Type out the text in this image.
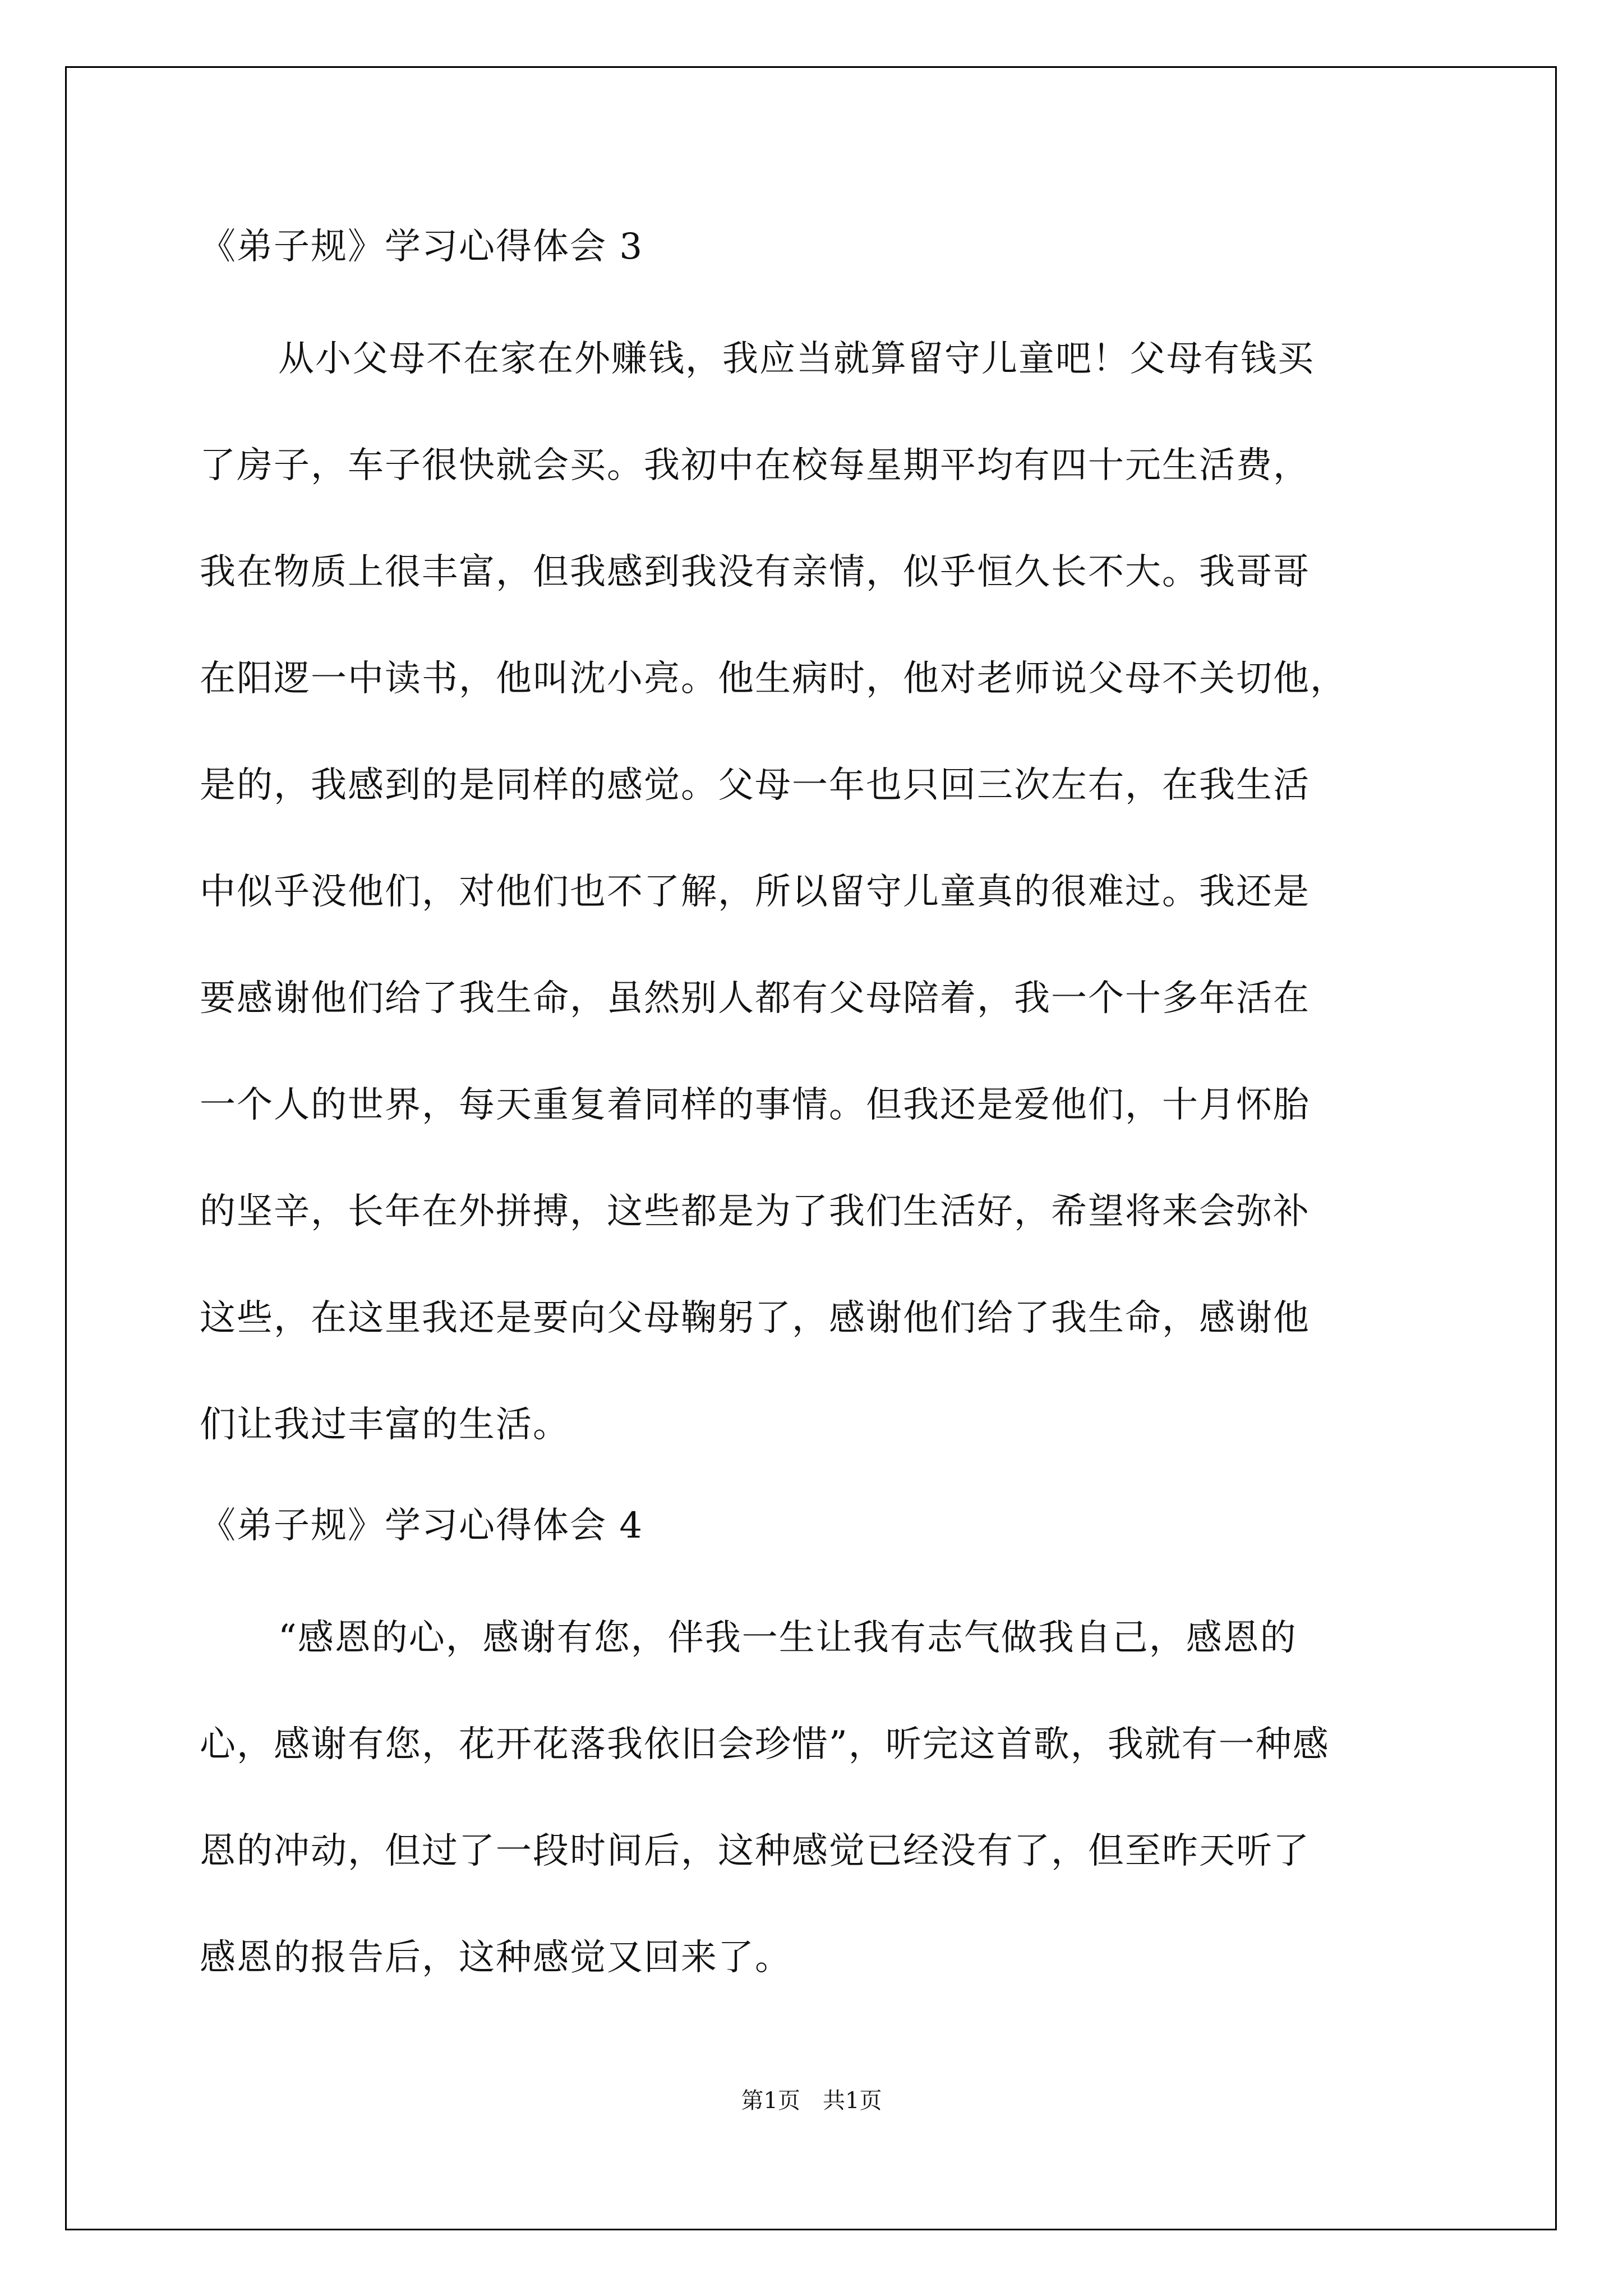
《弟子规》学习心得体会 3
从小父母不在家在外赚钱，我应当就算留守儿童吧！父母有钱买
了房子，车子很快就会买。我初中在校每星期平均有四十元生活费，
我在物质上很丰富，但我感到我没有亲情，似乎恒久长不大。我哥哥
在阳逻一中读书，他叫沈小亮。他生病时，他对老师说父母不关切他，
是的，我感到的是同样的感觉。父母一年也只回三次左右，在我生活
中似乎没他们，对他们也不了解，所以留守儿童真的很难过。我还是
要感谢他们给了我生命，虽然别人都有父母陪着，我一个十多年活在
一个人的世界，每天重复着同样的事情。但我还是爱他们，十月怀胎
的坚辛，长年在外拼搏，这些都是为了我们生活好，希望将来会弥补
这些，在这里我还是要向父母鞠躬了，感谢他们给了我生命，感谢他
们让我过丰富的生活。
《弟子规》学习心得体会 4
“感恩的心，感谢有您，伴我一生让我有志气做我自己，感恩的
心，感谢有您，花开花落我依旧会珍惜”，听完这首歌，我就有一种感
恩的冲动，但过了一段时间后，这种感觉已经没有了，但至昨天听了
感恩的报告后，这种感觉又回来了。
第1页　共1页
